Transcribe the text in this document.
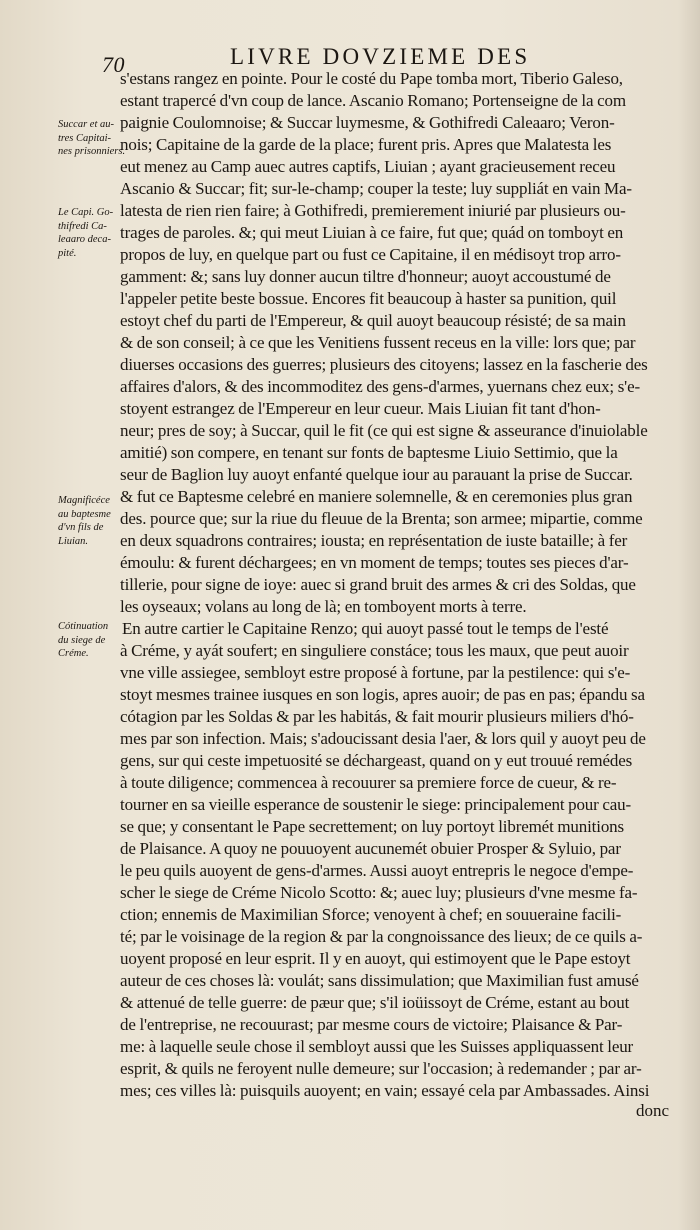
70	LIVRE DOVZIEME DES
Succar et au-
tres Capitai-
nes prisonniers.
Le Capi. Go-
thifredi Ca-
leaaro deca-
pité.
Magnificéce
au baptesme
d'vn fils de
Liuian.
Cótinuation
du siege de
Créme.
s'estans rangez en pointe. Pour le costé du Pape tomba mort, Tiberio Galeso,
estant trapercé d'vn coup de lance. Ascanio Romano; Portenseigne de la com
paignie Coulomnoise; & Succar luymesme, & Gothifredi Caleaaro; Veron-
nois; Capitaine de la garde de la place; furent pris. Apres que Malatesta les
eut menez au Camp auec autres captifs, Liuian ; ayant gracieusement receu
Ascanio & Succar; fit; sur-le-champ; couper la teste; luy suppliát en vain Ma-
latesta de rien rien faire; à Gothifredi, premierement iniurié par plusieurs ou-
trages de paroles. &; qui meut Liuian à ce faire, fut que; quád on tomboyt en
propos de luy, en quelque part ou fust ce Capitaine, il en médisoyt trop arro-
gamment: &; sans luy donner aucun tiltre d'honneur; auoyt accoustumé de
l'appeler petite beste bossue. Encores fit beaucoup à haster sa punition, quil
estoyt chef du parti de l'Empereur, & quil auoyt beaucoup résisté; de sa main
& de son conseil; à ce que les Venitiens fussent receus en la ville: lors que; par
diuerses occasions des guerres; plusieurs des citoyens; lassez en la fascherie des
affaires d'alors, & des incommoditez des gens-d'armes, yuernans chez eux; s'e-
stoyent estrangez de l'Empereur en leur cueur. Mais Liuian fit tant d'hon-
neur; pres de soy; à Succar, quil le fit (ce qui est signe & asseurance d'inuiolable
amitié) son compere, en tenant sur fonts de baptesme Liuio Settimio, que la
seur de Baglion luy auoyt enfanté quelque iour au parauant la prise de Succar.
& fut ce Baptesme celebré en maniere solemnelle, & en ceremonies plus gran
des. pource que; sur la riue du fleuue de la Brenta; son armee; mipartie, comme
en deux squadrons contraires; iousta; en représentation de iuste bataille; à fer
émoulu: & furent déchargees; en vn moment de temps; toutes ses pieces d'ar-
tillerie, pour signe de ioye: auec si grand bruit des armes & cri des Soldas, que
les oyseaux; volans au long de là; en tomboyent morts à terre.
En autre cartier le Capitaine Renzo; qui auoyt passé tout le temps de l'esté
à Créme, y ayát soufert; en singuliere constáce; tous les maux, que peut auoir
vne ville assiegee, sembloyt estre proposé à fortune, par la pestilence: qui s'e-
stoyt mesmes trainee iusques en son logis, apres auoir; de pas en pas; épandu sa
cótagion par les Soldas & par les habitás, & fait mourir plusieurs miliers d'hó-
mes par son infection. Mais; s'adoucissant desia l'aer, & lors quil y auoyt peu de
gens, sur qui ceste impetuosité se déchargeast, quand on y eut trouué remédes
à toute diligence; commencea à recouurer sa premiere force de cueur, & re-
tourner en sa vieille esperance de soustenir le siege: principalement pour cau-
se que; y consentant le Pape secrettement; on luy portoyt libremét munitions
de Plaisance. A quoy ne pouuoyent aucunemét obuier Prosper & Syluio, par
le peu quils auoyent de gens-d'armes. Aussi auoyt entrepris le negoce d'empe-
scher le siege de Créme Nicolo Scotto: &; auec luy; plusieurs d'vne mesme fa-
ction; ennemis de Maximilian Sforce; venoyent à chef; en souueraine facili-
té; par le voisinage de la region & par la congnoissance des lieux; de ce quils a-
uoyent proposé en leur esprit. Il y en auoyt, qui estimoyent que le Pape estoyt
auteur de ces choses là: voulát; sans dissimulation; que Maximilian fust amusé
& attenué de telle guerre: de pæur que; s'il ioüissoyt de Créme, estant au bout
de l'entreprise, ne recouurast; par mesme cours de victoire; Plaisance & Par-
me: à laquelle seule chose il sembloyt aussi que les Suisses appliquassent leur
esprit, & quils ne feroyent nulle demeure; sur l'occasion; à redemander ; par ar-
mes; ces villes là: puisquils auoyent; en vain; essayé cela par Ambassades. Ainsi
donc
